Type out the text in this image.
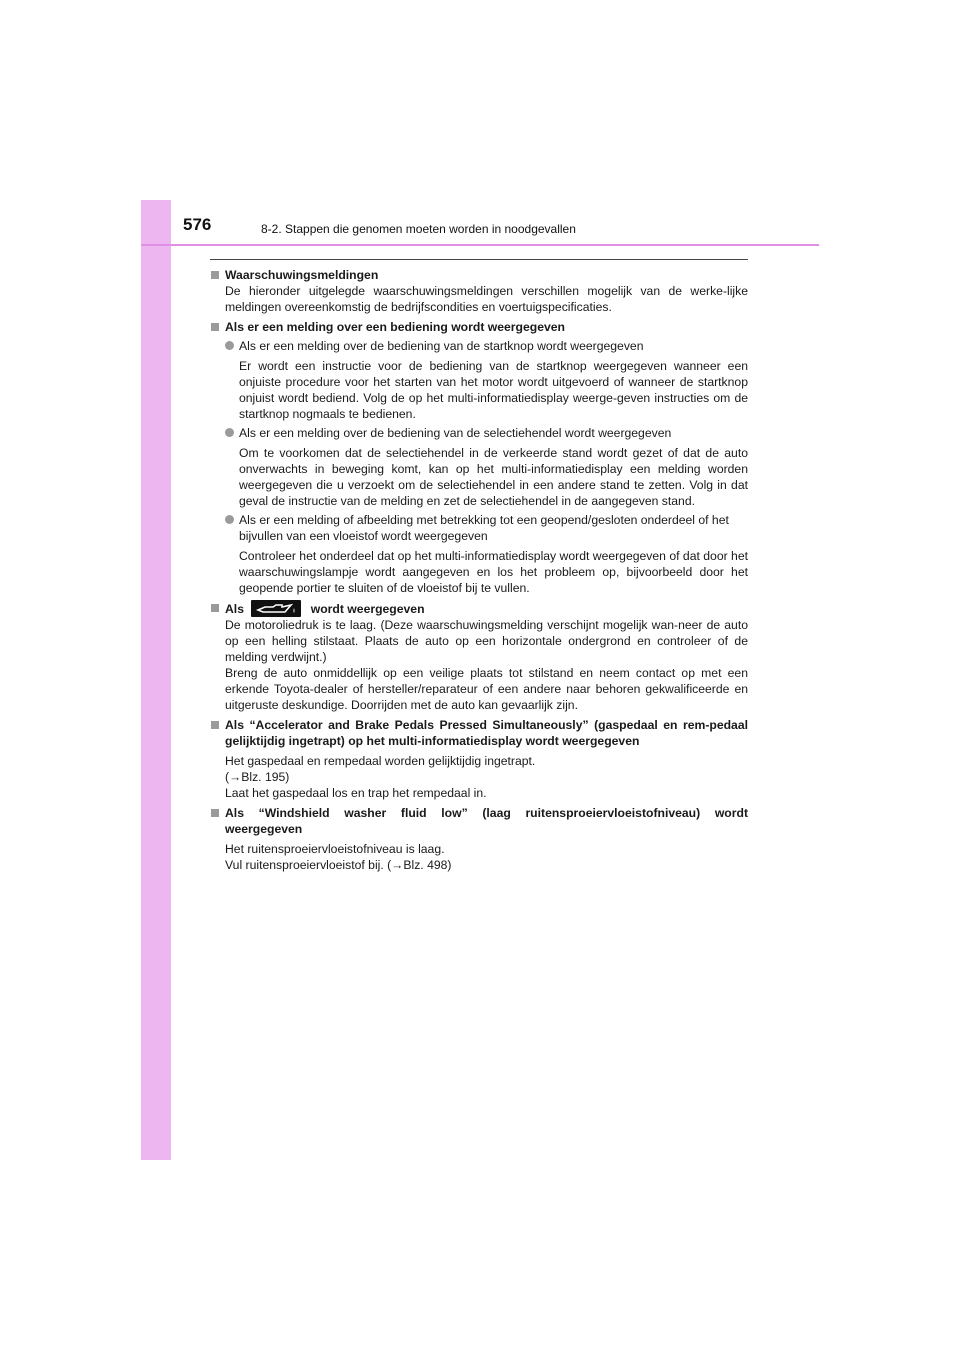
576	8-2. Stappen die genomen moeten worden in noodgevallen

Waarschuwingsmeldingen

De hieronder uitgelegde waarschuwingsmeldingen verschillen mogelijk van de werke-lijke meldingen overeenkomstig de bedrijfscondities en voertuigspecificaties.

Als er een melding over een bediening wordt weergegeven

Als er een melding over de bediening van de startknop wordt weergegeven

Er wordt een instructie voor de bediening van de startknop weergegeven wanneer een onjuiste procedure voor het starten van het motor wordt uitgevoerd of wanneer de startknop onjuist wordt bediend. Volg de op het multi-informatiedisplay weerge-geven instructies om de startknop nogmaals te bedienen.

Als er een melding over de bediening van de selectiehendel wordt weergegeven

Om te voorkomen dat de selectiehendel in de verkeerde stand wordt gezet of dat de auto onverwachts in beweging komt, kan op het multi-informatiedisplay een melding worden weergegeven die u verzoekt om de selectiehendel in een andere stand te zetten. Volg in dat geval de instructie van de melding en zet de selectiehendel in de aangegeven stand.

Als er een melding of afbeelding met betrekking tot een geopend/gesloten onderdeel of het bijvullen van een vloeistof wordt weergegeven

Controleer het onderdeel dat op het multi-informatiedisplay wordt weergegeven of dat door het waarschuwingslampje wordt aangegeven en los het probleem op, bijvoorbeeld door het geopende portier te sluiten of de vloeistof bij te vullen.

Als	wordt weergegeven

De motoroliedruk is te laag. (Deze waarschuwingsmelding verschijnt mogelijk wan-neer de auto op een helling stilstaat. Plaats de auto op een horizontale ondergrond en controleer of de melding verdwijnt.)

Breng de auto onmiddellijk op een veilige plaats tot stilstand en neem contact op met een erkende Toyota-dealer of hersteller/reparateur of een andere naar behoren gekwalificeerde en uitgeruste deskundige. Doorrijden met de auto kan gevaarlijk zijn.

Als “Accelerator and Brake Pedals Pressed Simultaneously” (gaspedaal en rem-pedaal gelijktijdig ingetrapt) op het multi-informatiedisplay wordt weergegeven

Het gaspedaal en rempedaal worden gelijktijdig ingetrapt.

(→Blz. 195)

Laat het gaspedaal los en trap het rempedaal in.

Als “Windshield washer fluid low” (laag ruitensproeiervloeistofniveau) wordt weergegeven

Het ruitensproeiervloeistofniveau is laag.

Vul ruitensproeiervloeistof bij. (→Blz. 498)
